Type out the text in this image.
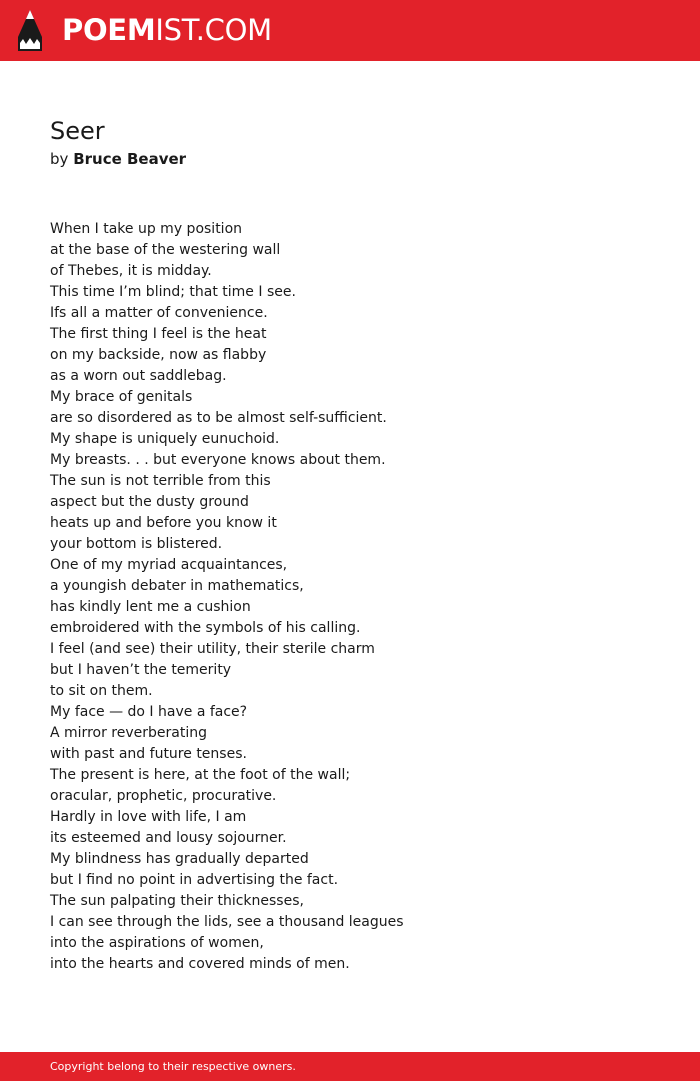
POEMIST.COM
Seer
by Bruce Beaver
When I take up my position
at the base of the westering wall
of Thebes, it is midday.
This time I’m blind; that time I see.
Ifs all a matter of convenience.
The first thing I feel is the heat
on my backside, now as flabby
as a worn out saddlebag.
My brace of genitals
are so disordered as to be almost self-sufficient.
My shape is uniquely eunuchoid.
My breasts. . . but everyone knows about them.
The sun is not terrible from this
aspect but the dusty ground
heats up and before you know it
your bottom is blistered.
One of my myriad acquaintances,
a youngish debater in mathematics,
has kindly lent me a cushion
embroidered with the symbols of his calling.
I feel (and see) their utility, their sterile charm
but I haven’t the temerity
to sit on them.
My face — do I have a face?
A mirror reverberating
with past and future tenses.
The present is here, at the foot of the wall;
oracular, prophetic, procurative.
Hardly in love with life, I am
its esteemed and lousy sojourner.
My blindness has gradually departed
but I find no point in advertising the fact.
The sun palpating their thicknesses,
I can see through the lids, see a thousand leagues
into the aspirations of women,
into the hearts and covered minds of men.
Copyright belong to their respective owners.
